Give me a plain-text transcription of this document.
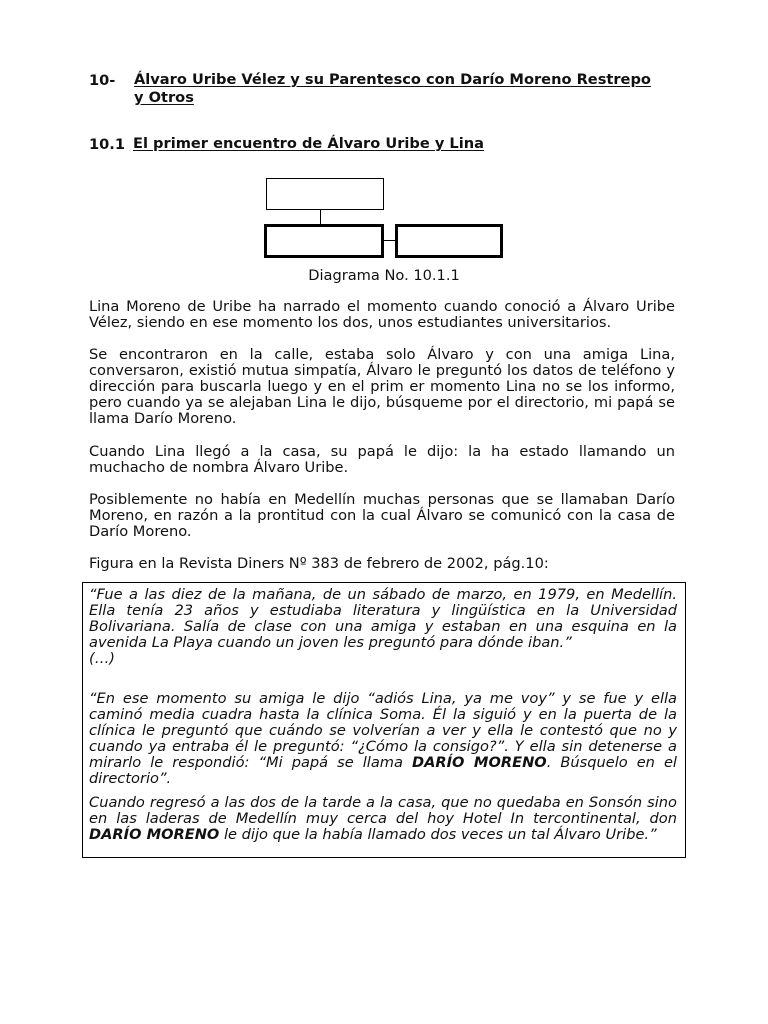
10- Álvaro Uribe Vélez y su Parentesco con Darío Moreno Restrepo
y Otros
10.1 El primer encuentro de Álvaro Uribe y Lina
Diagrama No. 10.1.1
Lina Moreno de Uribe ha narrado el momento cuando conoció a Álvaro Uribe Vélez, siendo en ese momento los dos, unos estudiantes universitarios.
Se encontraron en la calle, estaba solo Álvaro y con una amiga Lina, conversaron, existió mutua simpatía, Álvaro le preguntó los datos de teléfono y dirección para buscarla luego y en el prim er momento Lina no se los informo, pero cuando ya se alejaban Lina le dijo, búsqueme por el directorio, mi papá se llama Darío Moreno.
Cuando Lina llegó a la casa, su papá le dijo: la ha estado llamando un muchacho de nombra Álvaro Uribe.
Posiblemente no había en Medellín muchas personas que se llamaban Darío Moreno, en razón a la prontitud con la cual Álvaro se comunicó con la casa de Darío Moreno.
Figura en la Revista Diners Nº 383 de febrero de 2002, pág.10:
“Fue a las diez de la mañana, de un sábado de marzo, en 1979, en Medellín. Ella tenía 23 años y estudiaba literatura y lingüística en la Universidad Bolivariana. Salía de clase con una amiga y estaban en una esquina en la avenida La Playa cuando un joven les preguntó para dónde iban.”
(…)
“En ese momento su amiga le dijo “adiós Lina, ya me voy” y se fue y ella caminó media cuadra hasta la clínica Soma. Él la siguió y en la puerta de la clínica le preguntó que cuándo se volverían a ver y ella le contestó que no y cuando ya entraba él le preguntó: “¿Cómo la consigo?”. Y ella sin detenerse a mirarlo le respondió: “Mi papá se llama DARÍO MORENO. Búsquelo en el directorio”.
Cuando regresó a las dos de la tarde a la casa, que no quedaba en Sonsón sino en las laderas de Medellín muy cerca del hoy Hotel In tercontinental, don DARÍO MORENO le dijo que la había llamado dos veces un tal Álvaro Uribe.”
